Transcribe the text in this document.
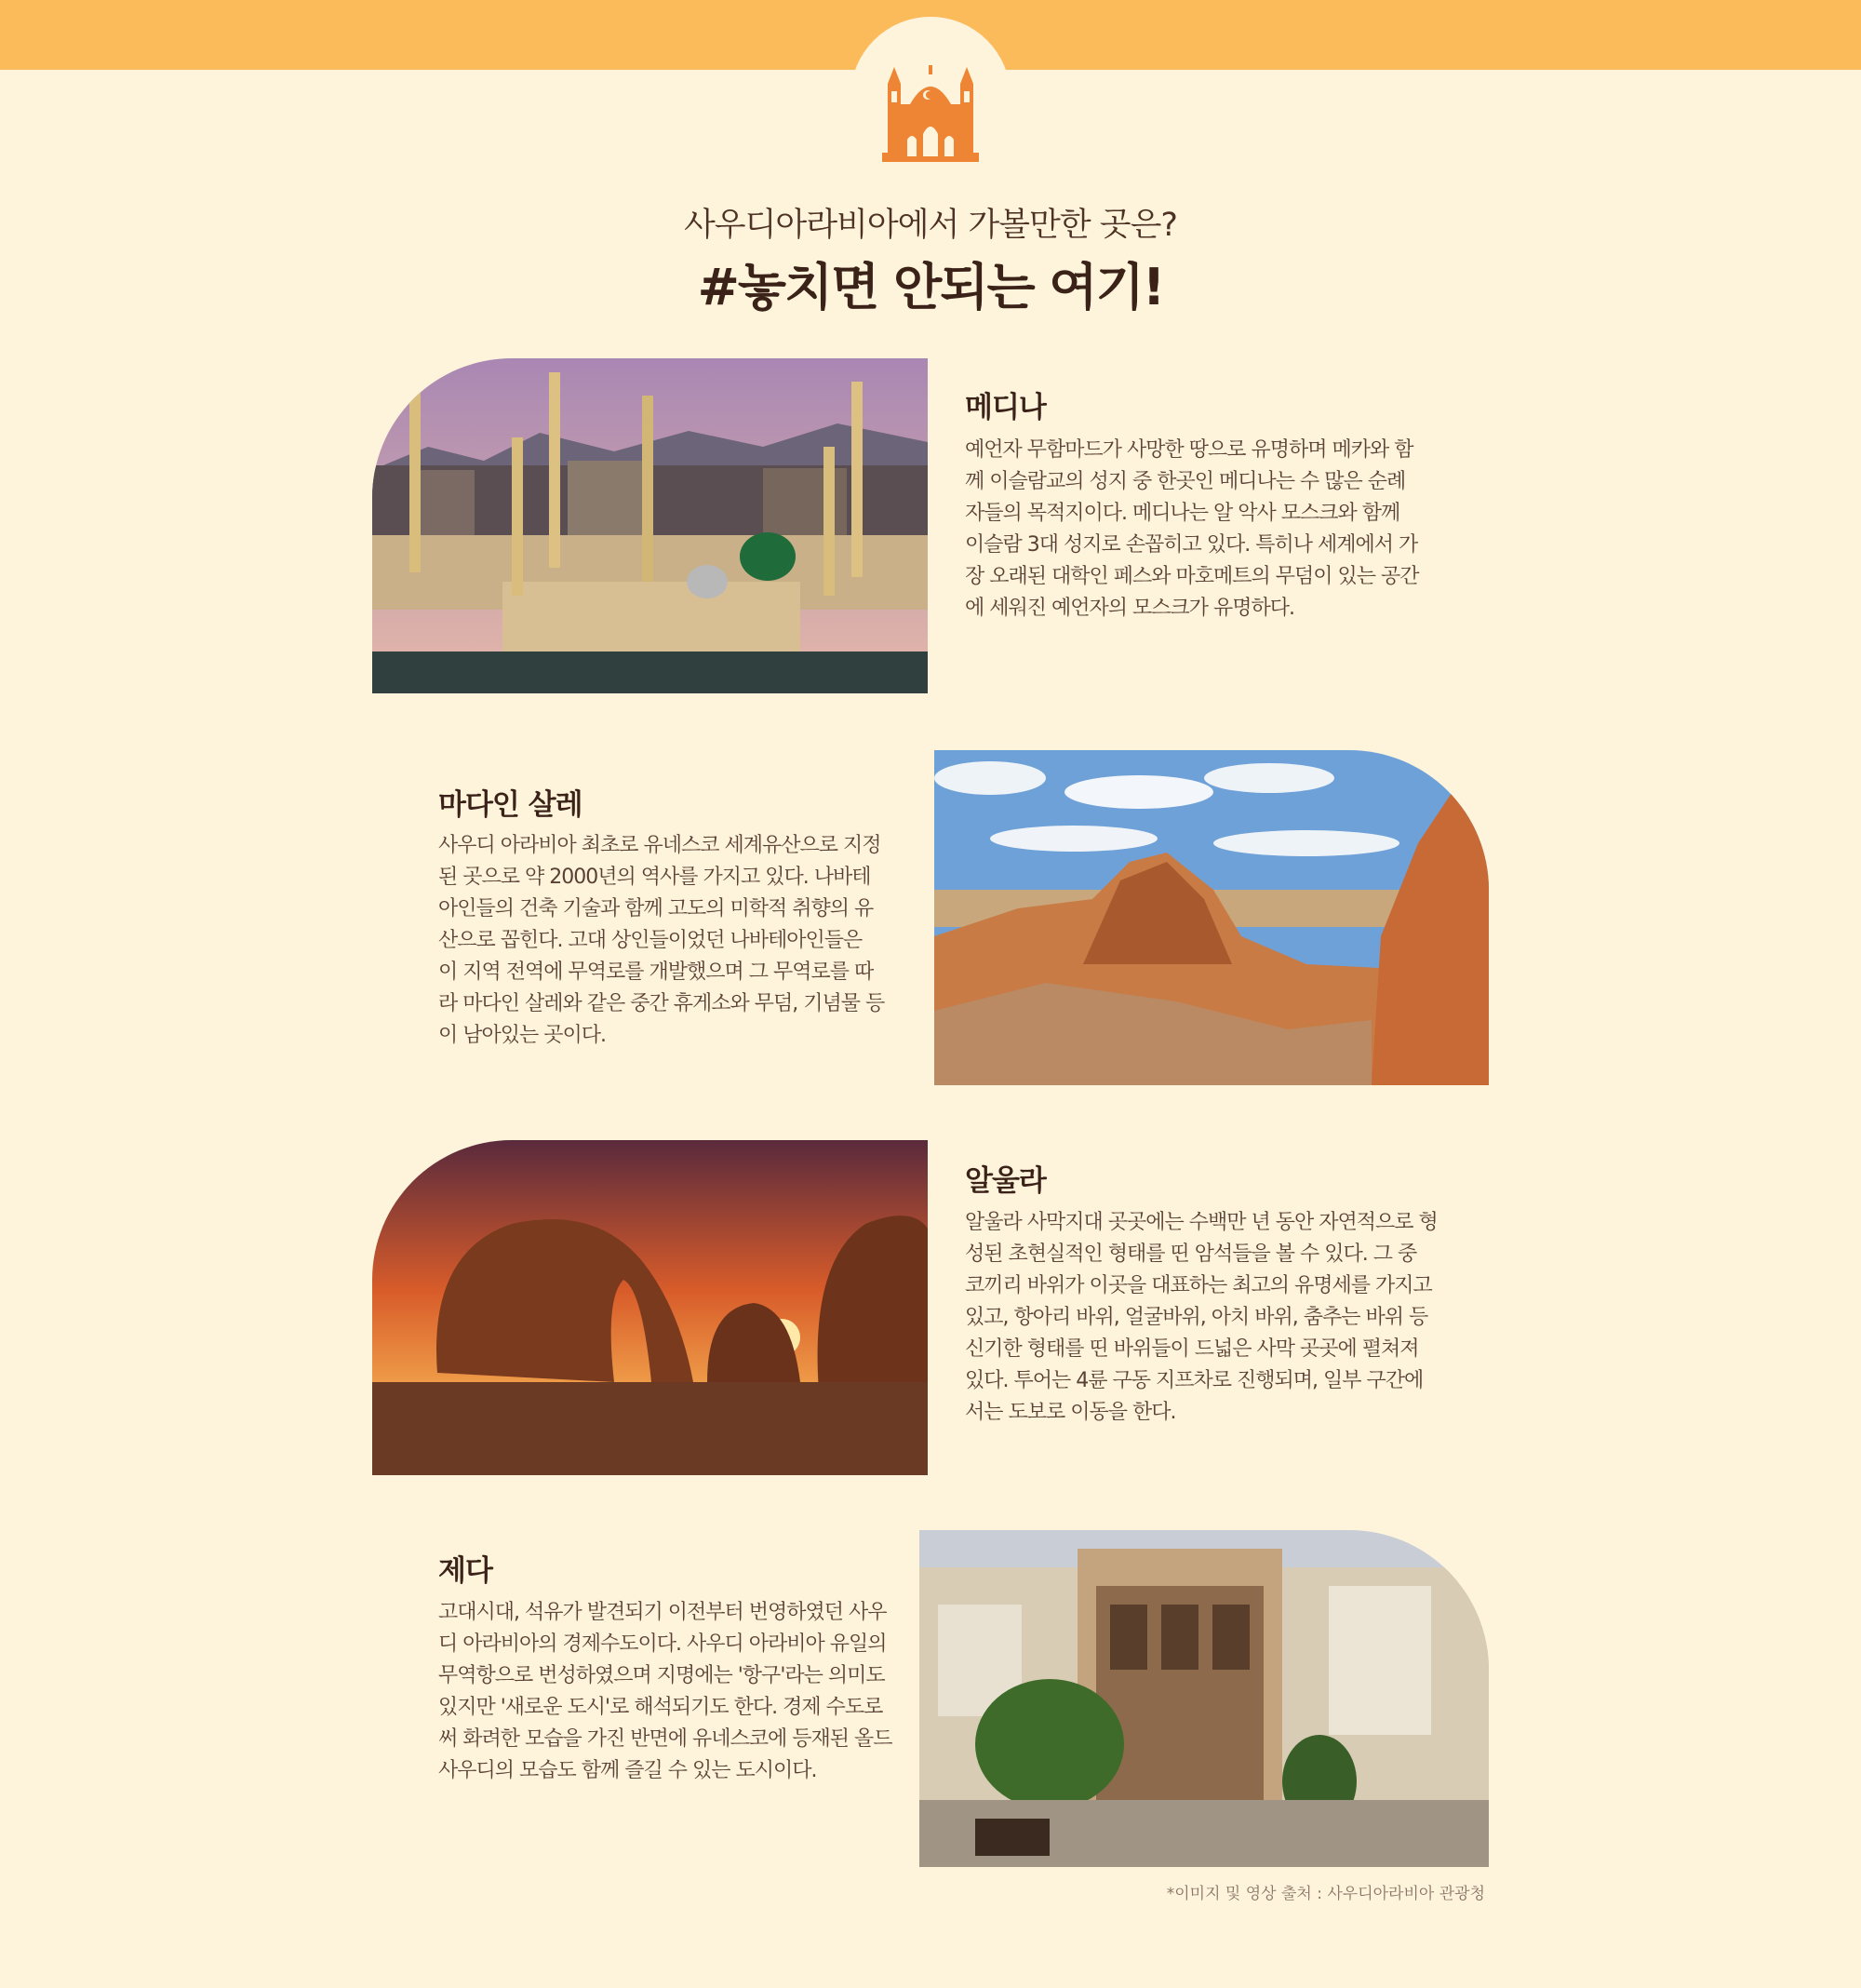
사우디아라비아에서 가볼만한 곳은?
#놓치면 안되는 여기!
메디나
예언자 무함마드가 사망한 땅으로 유명하며 메카와 함께 이슬람교의 성지 중 한곳인 메디나는 수 많은 순례자들의 목적지이다. 메디나는 알 악사 모스크와 함께 이슬람 3대 성지로 손꼽히고 있다. 특히나 세계에서 가장 오래된 대학인 페스와 마호메트의 무덤이 있는 공간에 세워진 예언자의 모스크가 유명하다.
마다인 살레
사우디 아라비아 최초로 유네스코 세계유산으로 지정된 곳으로 약 2000년의 역사를 가지고 있다. 나바테아인들의 건축 기술과 함께 고도의 미학적 취향의 유산으로 꼽힌다. 고대 상인들이었던 나바테아인들은 이 지역 전역에 무역로를 개발했으며 그 무역로를 따라 마다인 살레와 같은 중간 휴게소와 무덤, 기념물 등이 남아있는 곳이다.
알울라
알울라 사막지대 곳곳에는 수백만 년 동안 자연적으로 형성된 초현실적인 형태를 띤 암석들을 볼 수 있다. 그 중 코끼리 바위가 이곳을 대표하는 최고의 유명세를 가지고 있고, 항아리 바위, 얼굴바위, 아치 바위, 춤추는 바위 등 신기한 형태를 띤 바위들이 드넓은 사막 곳곳에 펼쳐져 있다. 투어는 4륜 구동 지프차로 진행되며, 일부 구간에서는 도보로 이동을 한다.
제다
고대시대, 석유가 발견되기 이전부터 번영하였던 사우디 아라비아의 경제수도이다. 사우디 아라비아 유일의 무역항으로 번성하였으며 지명에는 '항구'라는 의미도 있지만 '새로운 도시'로 해석되기도 한다. 경제 수도로써 화려한 모습을 가진 반면에 유네스코에 등재된 올드 사우디의 모습도 함께 즐길 수 있는 도시이다.
*이미지 및 영상 출처 : 사우디아라비아 관광청
